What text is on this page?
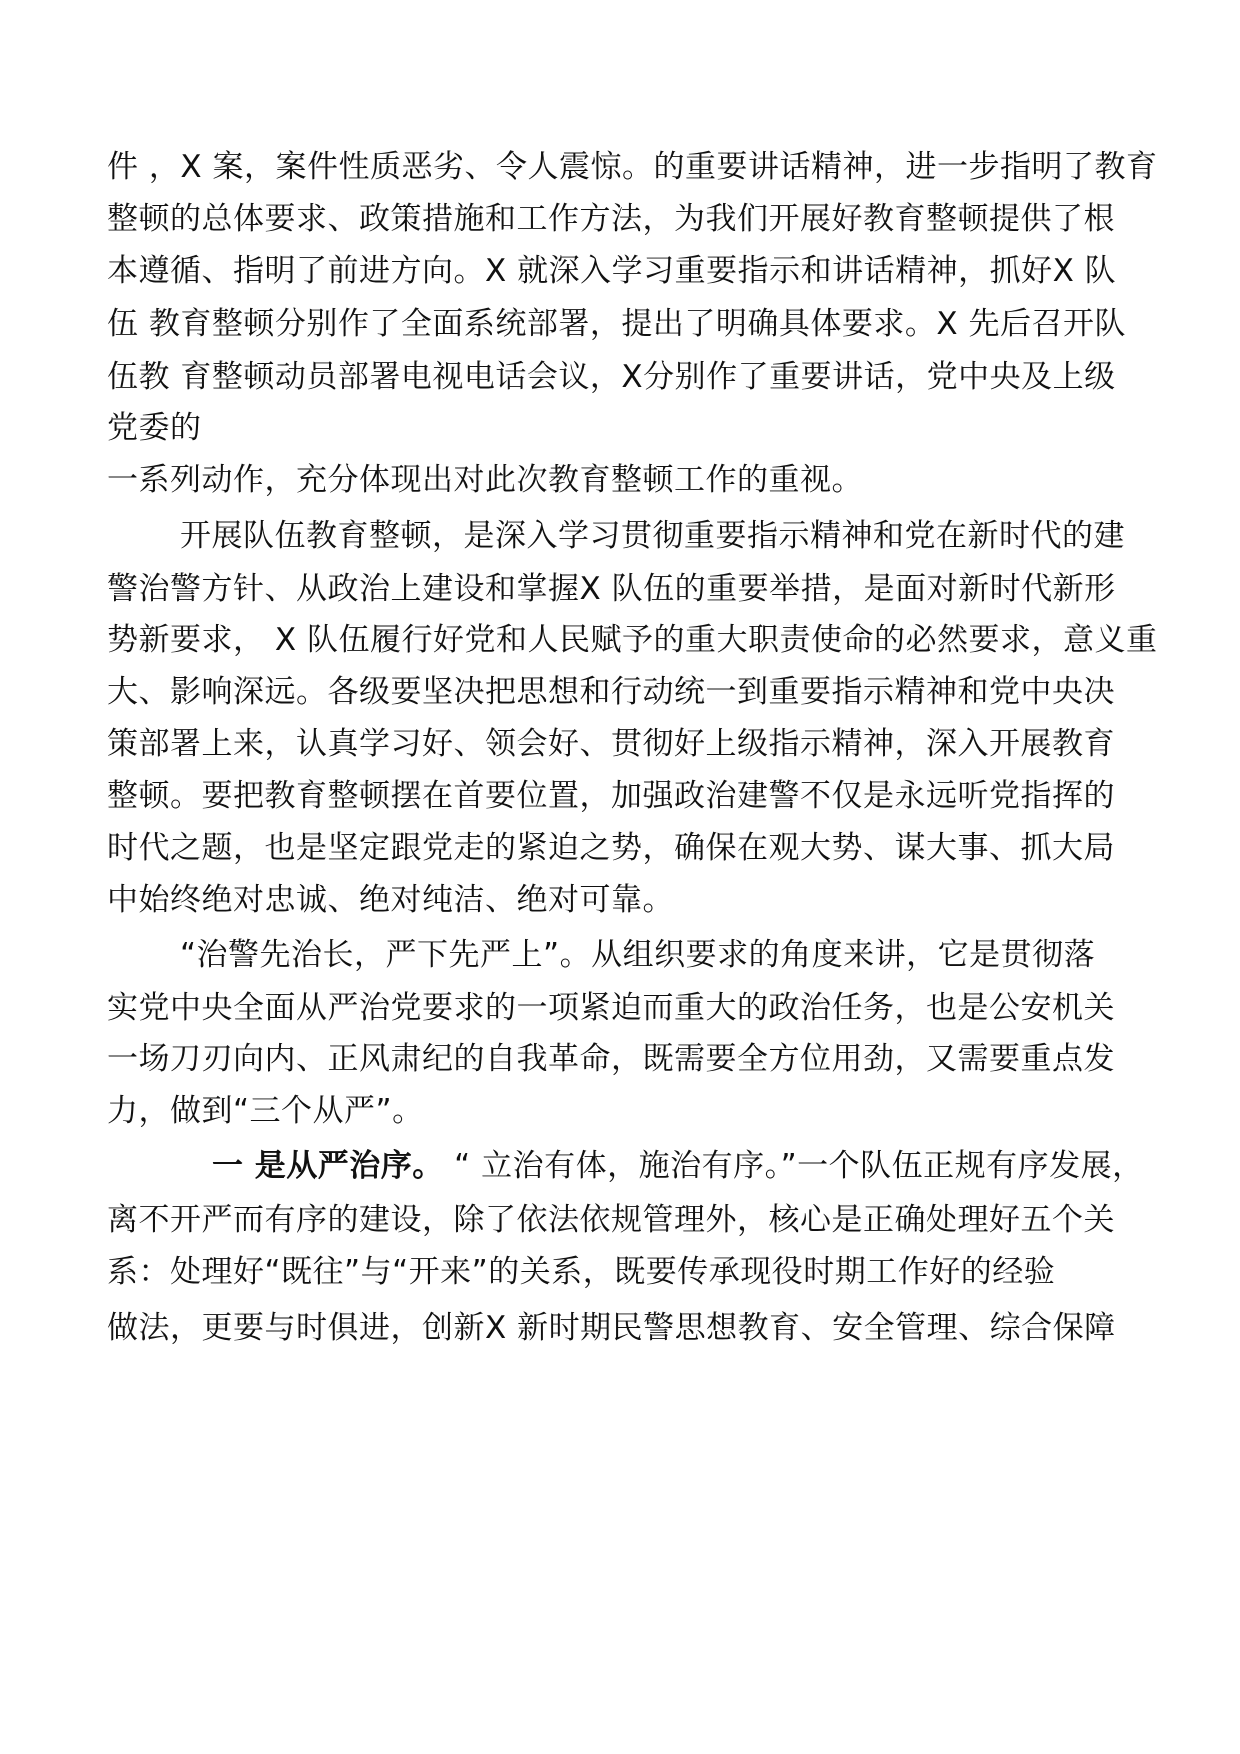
件 ，X 案，案件性质恶劣、令人震惊。的重要讲话精神，进一步指明了教育
整顿的总体要求、政策措施和工作方法，为我们开展好教育整顿提供了根
本遵循、指明了前进方向。X 就深入学习重要指示和讲话精神，抓好X 队
伍 教育整顿分别作了全面系统部署，提出了明确具体要求。X 先后召开队
伍教 育整顿动员部署电视电话会议，X分别作了重要讲话，党中央及上级
党委的
一系列动作，充分体现出对此次教育整顿工作的重视。
开展队伍教育整顿，是深入学习贯彻重要指示精神和党在新时代的建
警治警方针、从政治上建设和掌握X 队伍的重要举措，是面对新时代新形
势新要求， X 队伍履行好党和人民赋予的重大职责使命的必然要求，意义重
大、影响深远。各级要坚决把思想和行动统一到重要指示精神和党中央决
策部署上来，认真学习好、领会好、贯彻好上级指示精神，深入开展教育
整顿。要把教育整顿摆在首要位置，加强政治建警不仅是永远听党指挥的
时代之题，也是坚定跟党走的紧迫之势，确保在观大势、谋大事、抓大局
中始终绝对忠诚、绝对纯洁、绝对可靠。
“治警先治长，严下先严上”。从组织要求的角度来讲，它是贯彻落
实党中央全面从严治党要求的一项紧迫而重大的政治任务，也是公安机关
一场刀刃向内、正风肃纪的自我革命，既需要全方位用劲，又需要重点发
力，做到“三个从严”。
一 是从严治序。 “ 立治有体，施治有序。”一个队伍正规有序发展，
离不开严而有序的建设，除了依法依规管理外，核心是正确处理好五个关
系：处理好“既往”与“开来”的关系，既要传承现役时期工作好的经验
做法，更要与时俱进，创新X 新时期民警思想教育、安全管理、综合保障
